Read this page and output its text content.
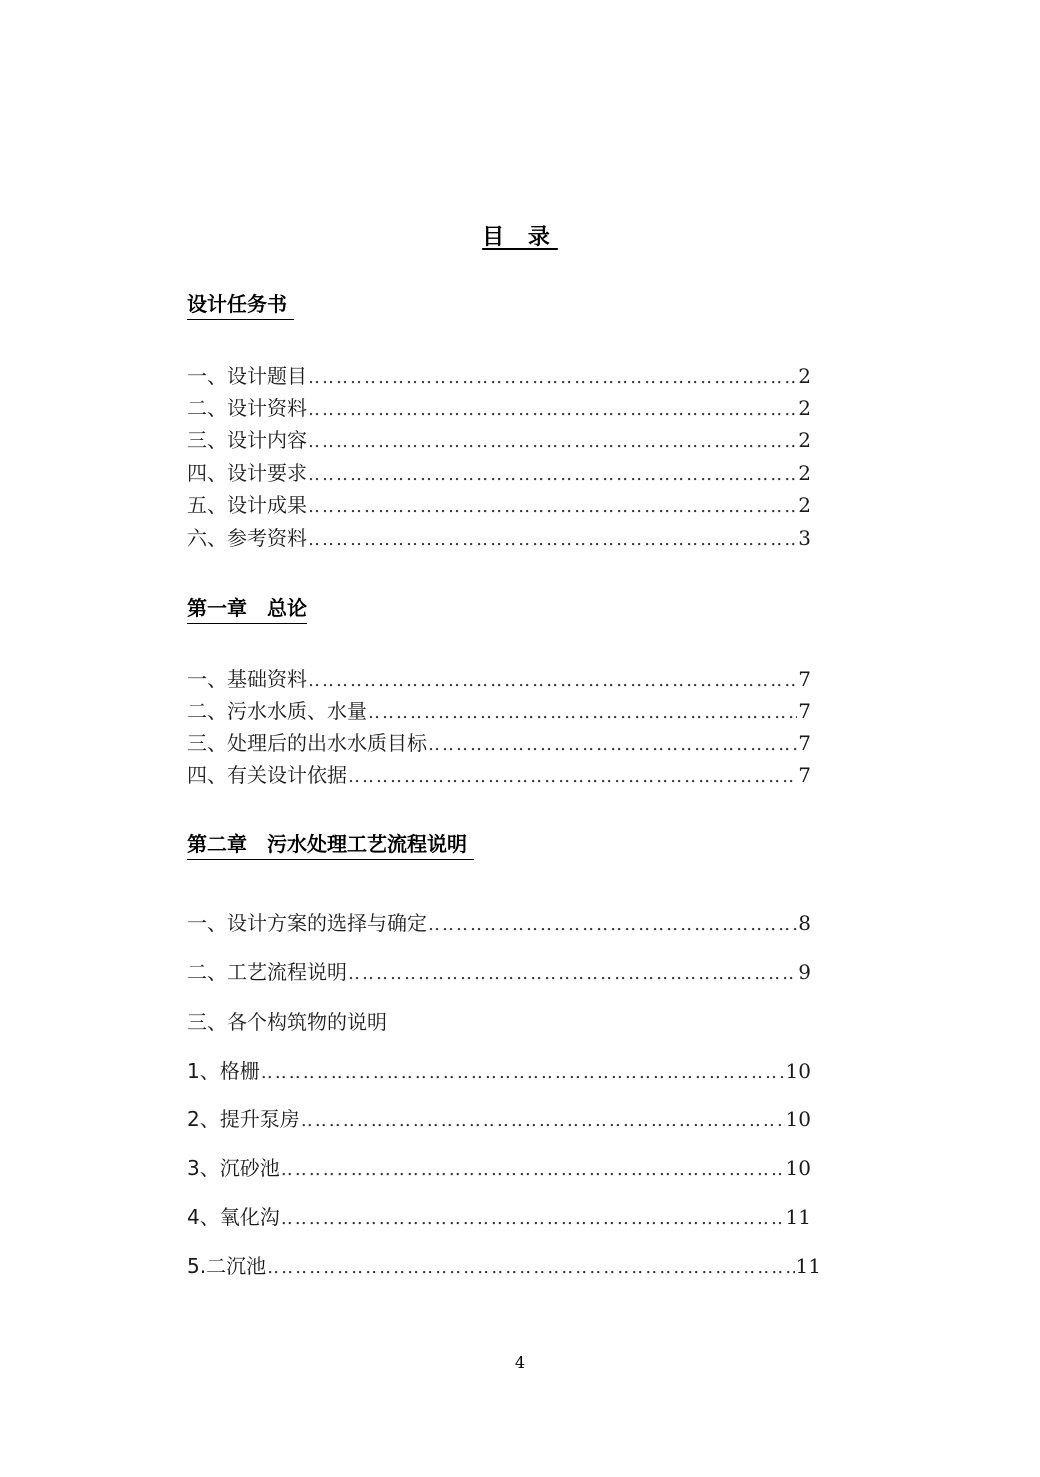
目 录
设计任务书
一、设计题目 ‥‥‥‥‥‥‥‥‥‥‥‥‥‥‥‥‥‥‥‥‥‥‥‥‥‥‥‥‥‥‥‥‥‥‥‥‥‥‥‥‥‥‥‥‥‥‥‥‥‥‥‥‥‥‥‥‥‥‥‥‥‥‥‥‥‥‥‥‥‥‥‥‥‥‥‥	2
二、设计资料 ‥‥‥‥‥‥‥‥‥‥‥‥‥‥‥‥‥‥‥‥‥‥‥‥‥‥‥‥‥‥‥‥‥‥‥‥‥‥‥‥‥‥‥‥‥‥‥‥‥‥‥‥‥‥‥‥‥‥‥‥‥‥‥‥‥‥‥‥‥‥‥‥‥‥‥‥	2
三、设计内容 ‥‥‥‥‥‥‥‥‥‥‥‥‥‥‥‥‥‥‥‥‥‥‥‥‥‥‥‥‥‥‥‥‥‥‥‥‥‥‥‥‥‥‥‥‥‥‥‥‥‥‥‥‥‥‥‥‥‥‥‥‥‥‥‥‥‥‥‥‥‥‥‥‥‥‥‥	2
四、设计要求 ‥‥‥‥‥‥‥‥‥‥‥‥‥‥‥‥‥‥‥‥‥‥‥‥‥‥‥‥‥‥‥‥‥‥‥‥‥‥‥‥‥‥‥‥‥‥‥‥‥‥‥‥‥‥‥‥‥‥‥‥‥‥‥‥‥‥‥‥‥‥‥‥‥‥‥‥	2
五、设计成果 ‥‥‥‥‥‥‥‥‥‥‥‥‥‥‥‥‥‥‥‥‥‥‥‥‥‥‥‥‥‥‥‥‥‥‥‥‥‥‥‥‥‥‥‥‥‥‥‥‥‥‥‥‥‥‥‥‥‥‥‥‥‥‥‥‥‥‥‥‥‥‥‥‥‥‥‥	2
六、参考资料 ‥‥‥‥‥‥‥‥‥‥‥‥‥‥‥‥‥‥‥‥‥‥‥‥‥‥‥‥‥‥‥‥‥‥‥‥‥‥‥‥‥‥‥‥‥‥‥‥‥‥‥‥‥‥‥‥‥‥‥‥‥‥‥‥‥‥‥‥‥‥‥‥‥‥‥‥	3
第一章　总论
一、基础资料 ‥‥‥‥‥‥‥‥‥‥‥‥‥‥‥‥‥‥‥‥‥‥‥‥‥‥‥‥‥‥‥‥‥‥‥‥‥‥‥‥‥‥‥‥‥‥‥‥‥‥‥‥‥‥‥‥‥‥‥‥‥‥‥‥‥‥‥‥‥‥‥‥‥‥‥‥	7
二、污水水质、水量 ‥‥‥‥‥‥‥‥‥‥‥‥‥‥‥‥‥‥‥‥‥‥‥‥‥‥‥‥‥‥‥‥‥‥‥‥‥‥‥‥‥‥‥‥‥‥‥‥‥‥‥‥‥‥‥‥‥‥‥‥‥‥‥‥‥‥‥‥‥‥‥‥‥‥‥‥	7
三、处理后的出水水质目标 ‥‥‥‥‥‥‥‥‥‥‥‥‥‥‥‥‥‥‥‥‥‥‥‥‥‥‥‥‥‥‥‥‥‥‥‥‥‥‥‥‥‥‥‥‥‥‥‥‥‥‥‥‥‥‥‥‥‥‥‥‥‥‥‥‥‥‥‥‥‥‥‥‥‥‥‥	7
四、有关设计依据 ‥‥‥‥‥‥‥‥‥‥‥‥‥‥‥‥‥‥‥‥‥‥‥‥‥‥‥‥‥‥‥‥‥‥‥‥‥‥‥‥‥‥‥‥‥‥‥‥‥‥‥‥‥‥‥‥‥‥‥‥‥‥‥‥‥‥‥‥‥‥‥‥‥‥‥‥	7
第二章　污水处理工艺流程说明
一、设计方案的选择与确定 ‥‥‥‥‥‥‥‥‥‥‥‥‥‥‥‥‥‥‥‥‥‥‥‥‥‥‥‥‥‥‥‥‥‥‥‥‥‥‥‥‥‥‥‥‥‥‥‥‥‥‥‥‥‥‥‥‥‥‥‥‥‥‥‥‥‥‥‥‥‥‥‥‥‥‥‥	8
二、工艺流程说明 ‥‥‥‥‥‥‥‥‥‥‥‥‥‥‥‥‥‥‥‥‥‥‥‥‥‥‥‥‥‥‥‥‥‥‥‥‥‥‥‥‥‥‥‥‥‥‥‥‥‥‥‥‥‥‥‥‥‥‥‥‥‥‥‥‥‥‥‥‥‥‥‥‥‥‥‥	9
三、各个构筑物的说明
1、格栅 ‥‥‥‥‥‥‥‥‥‥‥‥‥‥‥‥‥‥‥‥‥‥‥‥‥‥‥‥‥‥‥‥‥‥‥‥‥‥‥‥‥‥‥‥‥‥‥‥‥‥‥‥‥‥‥‥‥‥‥‥‥‥‥‥‥‥‥‥‥‥‥‥‥‥‥‥	10
2、提升泵房 ‥‥‥‥‥‥‥‥‥‥‥‥‥‥‥‥‥‥‥‥‥‥‥‥‥‥‥‥‥‥‥‥‥‥‥‥‥‥‥‥‥‥‥‥‥‥‥‥‥‥‥‥‥‥‥‥‥‥‥‥‥‥‥‥‥‥‥‥‥‥‥‥‥‥‥‥	10
3、沉砂池 ‥‥‥‥‥‥‥‥‥‥‥‥‥‥‥‥‥‥‥‥‥‥‥‥‥‥‥‥‥‥‥‥‥‥‥‥‥‥‥‥‥‥‥‥‥‥‥‥‥‥‥‥‥‥‥‥‥‥‥‥‥‥‥‥‥‥‥‥‥‥‥‥‥‥‥‥	10
4、氧化沟 ‥‥‥‥‥‥‥‥‥‥‥‥‥‥‥‥‥‥‥‥‥‥‥‥‥‥‥‥‥‥‥‥‥‥‥‥‥‥‥‥‥‥‥‥‥‥‥‥‥‥‥‥‥‥‥‥‥‥‥‥‥‥‥‥‥‥‥‥‥‥‥‥‥‥‥‥	11
5.二沉池 ‥‥‥‥‥‥‥‥‥‥‥‥‥‥‥‥‥‥‥‥‥‥‥‥‥‥‥‥‥‥‥‥‥‥‥‥‥‥‥‥‥‥‥‥‥‥‥‥‥‥‥‥‥‥‥‥‥‥‥‥‥‥‥‥‥‥‥‥‥‥‥‥‥‥‥‥	11
4
